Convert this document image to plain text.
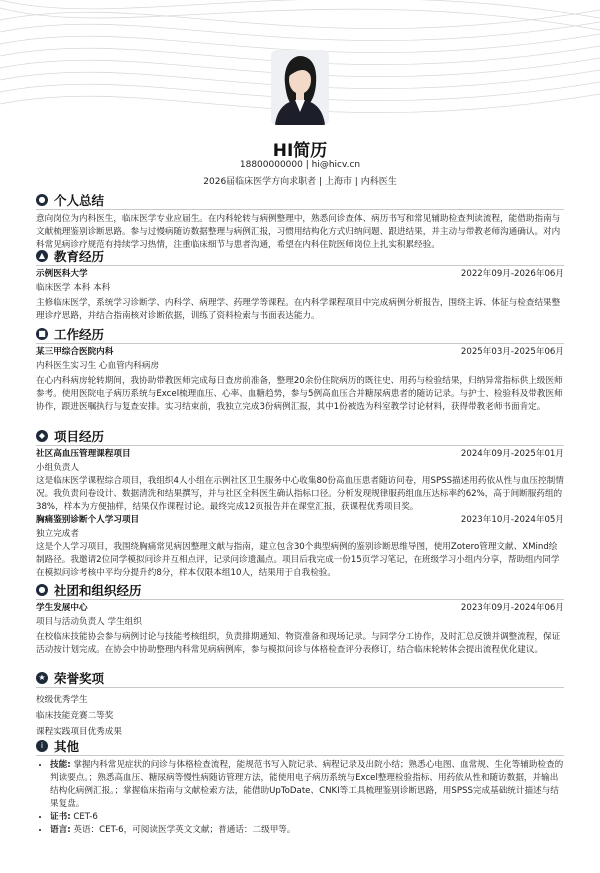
HI简历
18800000000 | hi@hicv.cn
2026届临床医学方向求职者 | 上海市 | 内科医生
● 个人总结

意向岗位为内科医生，临床医学专业应届生。在内科轮转与病例整理中，熟悉问诊查体、病历书写和常见辅助检查判读流程，能借助指南与文献梳理鉴别诊断思路。参与过慢病随访数据整理与病例汇报，习惯用结构化方式归纳问题、跟进结果，并主动与带教老师沟通确认。对内科常见病诊疗规范有持续学习热情，注重临床细节与患者沟通，希望在内科住院医师岗位上扎实积累经验。

▲ 教育经历
示例医科大学	2022年09月-2026年06月
临床医学 本科 本科

主修临床医学，系统学习诊断学、内科学、病理学、药理学等课程。在内科学课程项目中完成病例分析报告，围绕主诉、体征与检查结果整理诊疗思路，并结合指南核对诊断依据，训练了资料检索与书面表达能力。

■ 工作经历
某三甲综合医院内科	2025年03月-2025年06月
内科医生实习生 心血管内科病房

在心内科病房轮转期间，我协助带教医师完成每日查房前准备，整理20余份住院病历的既往史、用药与检验结果，归纳异常指标供上级医师参考。使用医院电子病历系统与Excel梳理血压、心率、血糖趋势，参与5例高血压合并糖尿病患者的随访记录。与护士、检验科及带教医师协作，跟进医嘱执行与复查安排。实习结束前，我独立完成3份病例汇报，其中1份被选为科室教学讨论材料，获得带教老师书面肯定。

◆ 项目经历
社区高血压管理课程项目	2024年09月-2025年01月
小组负责人

这是临床医学课程综合项目，我组织4人小组在示例社区卫生服务中心收集80份高血压患者随访问卷，用SPSS描述用药依从性与血压控制情况。我负责问卷设计、数据清洗和结果撰写，并与社区全科医生确认指标口径。分析发现规律服药组血压达标率约62%，高于间断服药组的38%，样本为方便抽样，结果仅作课程讨论。最终完成12页报告并在课堂汇报，获课程优秀项目奖。

胸痛鉴别诊断个人学习项目	2023年10月-2024年05月
独立完成者

这是个人学习项目，我围绕胸痛常见病因整理文献与指南，建立包含30个典型病例的鉴别诊断思维导图，使用Zotero管理文献、XMind绘制路径。我邀请2位同学模拟问诊并互相点评，记录问诊遗漏点。项目后我完成一份15页学习笔记，在班级学习小组内分享，帮助组内同学在模拟问诊考核中平均分提升约8分，样本仅限本组10人，结果用于自我检验。

● 社团和组织经历
学生发展中心	2023年09月-2024年06月
项目与活动负责人 学生组织

在校临床技能协会参与病例讨论与技能考核组织，负责排期通知、物资准备和现场记录。与同学分工协作，及时汇总反馈并调整流程，保证活动按计划完成。在协会中协助整理内科常见病病例库，参与模拟问诊与体格检查评分表修订，结合临床轮转体会提出流程优化建议。

★ 荣誉奖项
校级优秀学生
临床技能竞赛二等奖
课程实践项目优秀成果
i 其他
• 技能: 掌握内科常见症状的问诊与体格检查流程，能规范书写入院记录、病程记录及出院小结；熟悉心电图、血常规、生化等辅助检查的判读要点。；熟悉高血压、糖尿病等慢性病随访管理方法，能使用电子病历系统与Excel整理检验指标、用药依从性和随访数据，并输出结构化病例汇报。；掌握临床指南与文献检索方法，能借助UpToDate、CNKI等工具梳理鉴别诊断思路，用SPSS完成基础统计描述与结果复盘。
• 证书: CET-6
• 语言: 英语：CET-6，可阅读医学英文文献；普通话：二级甲等。
